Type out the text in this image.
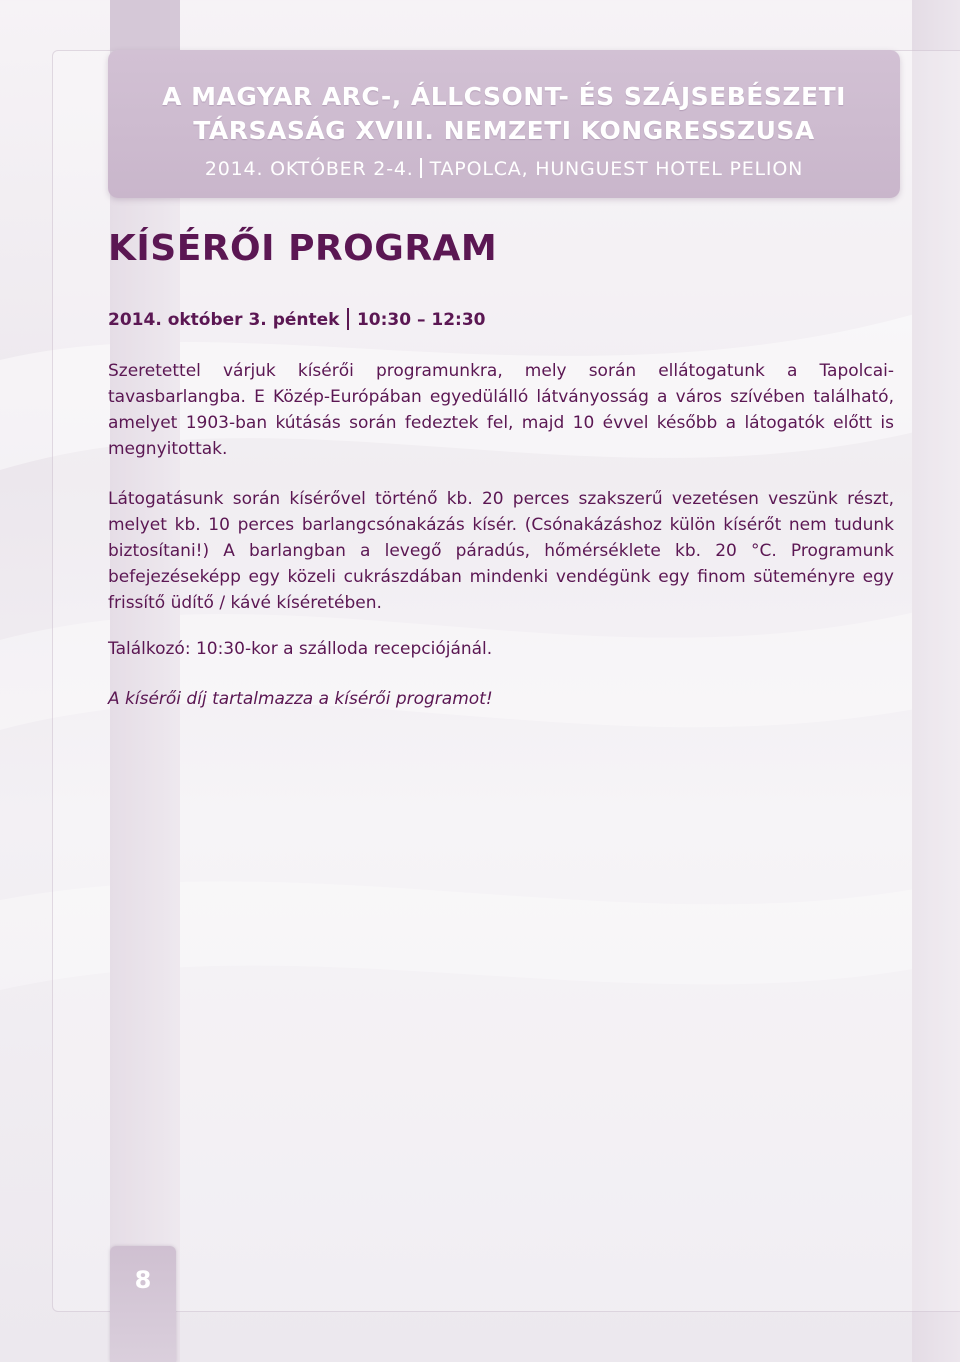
A MAGYAR ARC-, ÁLLCSONT- ÉS SZÁJSEBÉSZETI
TÁRSASÁG XVIII. NEMZETI KONGRESSZUSA
2014. OKTÓBER 2-4. TAPOLCA, HUNGUEST HOTEL PELION
KÍSÉRŐI PROGRAM
2014. október 3. péntek 10:30 – 12:30

Szeretettel várjuk kísérői programunkra, mely során ellátogatunk a Tapolcai-tavasbarlangba. E Közép-Európában egyedülálló látványosság a város szívében található, amelyet 1903-ban kútásás során fedeztek fel, majd 10 évvel később a látogatók előtt is megnyitottak.

Látogatásunk során kísérővel történő kb. 20 perces szakszerű vezetésen veszünk részt, melyet kb. 10 perces barlangcsónakázás kísér. (Csónakázáshoz külön kísérőt nem tudunk biztosítani!) A barlangban a levegő páradús, hőmérséklete kb. 20 °C. Programunk befejezéseképp egy közeli cukrászdában mindenki vendégünk egy finom süteményre egy frissítő üdítő / kávé kíséretében.

Találkozó: 10:30-kor a szálloda recepciójánál.

A kísérői díj tartalmazza a kísérői programot!

8
